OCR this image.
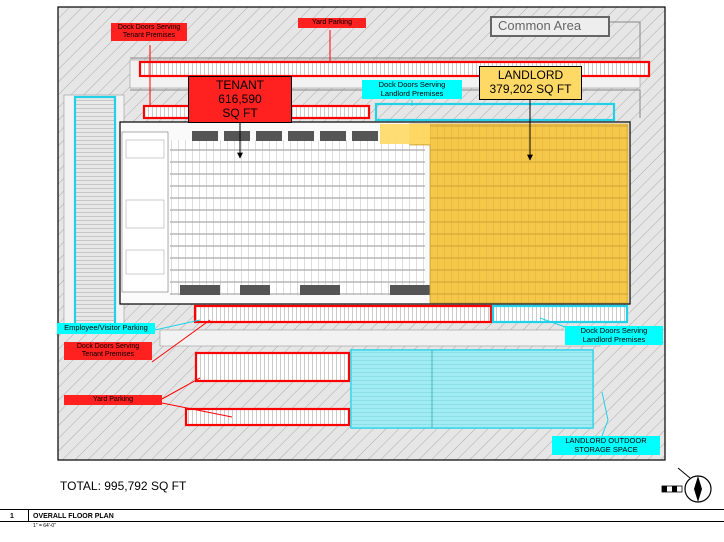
Yard Parking
Dock Doors Serving
Tenant Premises
Common Area
TENANT 616,590
SQ FT
Dock Doors Serving
Landlord Premises
LANDLORD
379,202 SQ FT
Employee/Visitor Parking
Dock Doors Serving
Tenant Premises
Dock Doors Serving
Landlord Premises
Yard Parking
LANDLORD OUTDOOR
STORAGE SPACE
TOTAL: 995,792 SQ FT
1	OVERALL FLOOR PLAN
1" = 64'-0"
